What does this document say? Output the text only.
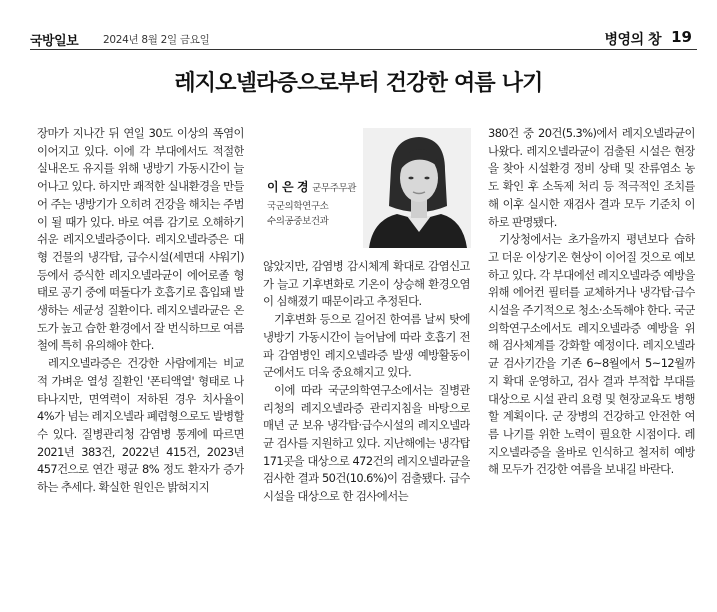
국방일보 2024년 8월 2일 금요일	병영의 창 19
레지오넬라증으로부터 건강한 여름 나기

장마가 지나간 뒤 연일 30도 이상의 폭염이 이어지고 있다. 이에 각 부대에서도 적절한 실내온도 유지를 위해 냉방기 가동시간이 늘어나고 있다. 하지만 쾌적한 실내환경을 만들어 주는 냉방기가 오히려 건강을 해치는 주범이 될 때가 있다. 바로 여름 감기로 오해하기 쉬운 레지오넬라증이다. 레지오넬라증은 대형 건물의 냉각탑, 급수시설(세면대 샤워기) 등에서 증식한 레지오넬라균이 에어로졸 형태로 공기 중에 떠돌다가 호흡기로 흡입돼 발생하는 세균성 질환이다. 레지오넬라균은 온도가 높고 습한 환경에서 잘 번식하므로 여름철에 특히 유의해야 한다.

레지오넬라증은 건강한 사람에게는 비교적 가벼운 열성 질환인 '폰티액열' 형태로 나타나지만, 면역력이 저하된 경우 치사율이 4%가 넘는 레지오넬라 폐렴형으로도 발병할 수 있다. 질병관리청 감염병 통계에 따르면 2021년 383건, 2022년 415건, 2023년 457건으로 연간 평균 8% 정도 환자가 증가하는 추세다. 확실한 원인은 밝혀지지

이 은 경 군무주무관
국군의학연구소
수의공중보건과

않았지만, 감염병 감시체계 확대로 감염신고가 늘고 기후변화로 기온이 상승해 환경오염이 심해졌기 때문이라고 추정된다.

기후변화 등으로 길어진 한여름 날씨 탓에 냉방기 가동시간이 늘어남에 따라 호흡기 전파 감염병인 레지오넬라증 발생 예방활동이 군에서도 더욱 중요해지고 있다.

이에 따라 국군의학연구소에서는 질병관리청의 레지오넬라증 관리지침을 바탕으로 매년 군 보유 냉각탑·급수시설의 레지오넬라균 검사를 지원하고 있다. 지난해에는 냉각탑 171곳을 대상으로 472건의 레지오넬라균을 검사한 결과 50건(10.6%)이 검출됐다. 급수시설을 대상으로 한 검사에서는

380건 중 20건(5.3%)에서 레지오넬라균이 나왔다. 레지오넬라균이 검출된 시설은 현장을 찾아 시설환경 정비 상태 및 잔류염소 농도 확인 후 소독제 처리 등 적극적인 조치를 해 이후 실시한 재검사 결과 모두 기준치 이하로 판명됐다.

기상청에서는 초가을까지 평년보다 습하고 더운 이상기온 현상이 이어질 것으로 예보하고 있다. 각 부대에선 레지오넬라증 예방을 위해 에어컨 필터를 교체하거나 냉각탑·급수시설을 주기적으로 청소·소독해야 한다. 국군의학연구소에서도 레지오넬라증 예방을 위해 검사체계를 강화할 예정이다. 레지오넬라균 검사기간을 기존 6~8월에서 5~12월까지 확대 운영하고, 검사 결과 부적합 부대를 대상으로 시설 관리 요령 및 현장교육도 병행할 계획이다. 군 장병의 건강하고 안전한 여름 나기를 위한 노력이 필요한 시점이다. 레지오넬라증을 올바로 인식하고 철저히 예방해 모두가 건강한 여름을 보내길 바란다.
